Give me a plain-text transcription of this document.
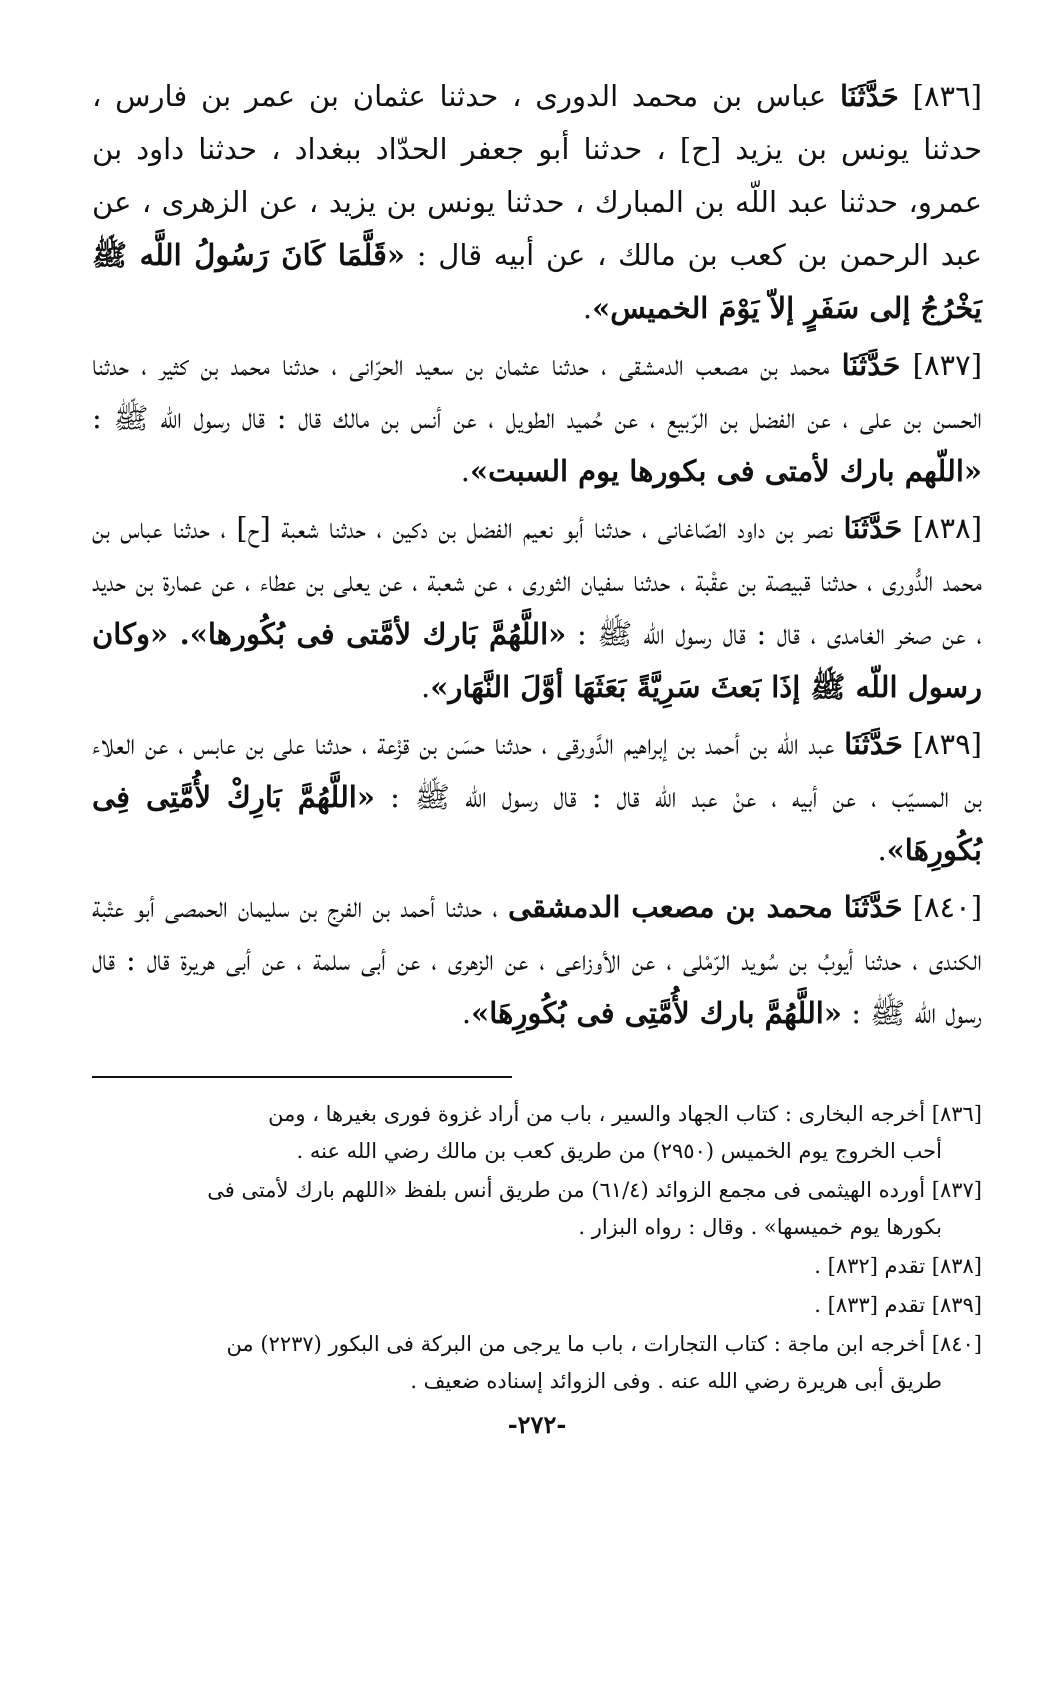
[٨٣٦] حَدَّثَنَا عباس بن محمد الدورى ، حدثنا عثمان بن عمر بن فارس ، حدثنا يونس بن يزيد [ح] ، حدثنا أبو جعفر الحدّاد ببغداد ، حدثنا داود بن عمرو، حدثنا عبد اللّه بن المبارك ، حدثنا يونس بن يزيد ، عن الزهرى ، عن عبد الرحمن بن كعب بن مالك ، عن أبيه قال : «قَلَّمَا كَانَ رَسُولُ اللَّه ﷺ يَخْرُجُ إلى سَفَرٍ إلاّ يَوْمَ الخميس».

[٨٣٧] حَدَّثَنَا محمد بن مصعب الدمشقى ، حدثنا عثمان بن سعيد الحرّانى ، حدثنا محمد بن كثير ، حدثنا الحسن بن على ، عن الفضل بن الرّبيع ، عن حُميد الطويل ، عن أنس بن مالك قال : قال رسول اللّه ﷺ : «اللّهم بارك لأمتى فى بكورها يوم السبت».

[٨٣٨] حَدَّثَنَا نصر بن داود الصّاغانى ، حدثنا أبو نعيم الفضل بن دكين ، حدثنا شعبة [ح] ، حدثنا عباس بن محمد الدُّورى ، حدثنا قبيصة بن عقْبة ، حدثنا سفيان الثورى ، عن شعبة ، عن يعلى بن عطاء ، عن عمارة بن حديد ، عن صخر الغامدى ، قال : قال رسول اللّه ﷺ : «اللَّهُمَّ بَارك لأمَّتى فى بُكُورها». «وكان رسول اللّه ﷺ إذَا بَعثَ سَرِيَّةً بَعَثَهَا أوَّلَ النَّهَار».

[٨٣٩] حَدَّثَنَا عبد اللّه بن أحمد بن إبراهيم الدَّورقى ، حدثنا حسَن بن قزْعة ، حدثنا على بن عابس ، عن العلاء بن المسيّب ، عن أبيه ، عنْ عبد اللّه قال : قال رسول اللّه ﷺ : «اللَّهُمَّ بَارِكْ لأُمَّتِى فِى بُكُورِهَا».

[٨٤٠] حَدَّثَنَا محمد بن مصعب الدمشقى ، حدثنا أحمد بن الفرج بن سليمان الحمصى أبو عتْبة الكندى ، حدثنا أيوبُ بن سُويد الرّمْلى ، عن الأوزاعى ، عن الزهرى ، عن أبى سلمة ، عن أبى هريرة قال : قال رسول اللّه ﷺ : «اللَّهُمَّ بارك لأُمَّتِى فى بُكُورِهَا».

[٨٣٦] أخرجه البخارى : كتاب الجهاد والسير ، باب من أراد غزوة فورى بغيرها ، ومن
أحب الخروج يوم الخميس (٢٩٥٠) من طريق كعب بن مالك رضي الله عنه .
[٨٣٧] أورده الهيثمى فى مجمع الزوائد (٦١/٤) من طريق أنس بلفظ «اللهم بارك لأمتى فى
بكورها يوم خميسها» . وقال : رواه البزار .
[٨٣٨] تقدم [٨٣٢] .
[٨٣٩] تقدم [٨٣٣] .
[٨٤٠] أخرجه ابن ماجة : كتاب التجارات ، باب ما يرجى من البركة فى البكور (٢٢٣٧) من
طريق أبى هريرة رضي الله عنه . وفى الزوائد إسناده ضعيف .
-٢٧٢-
